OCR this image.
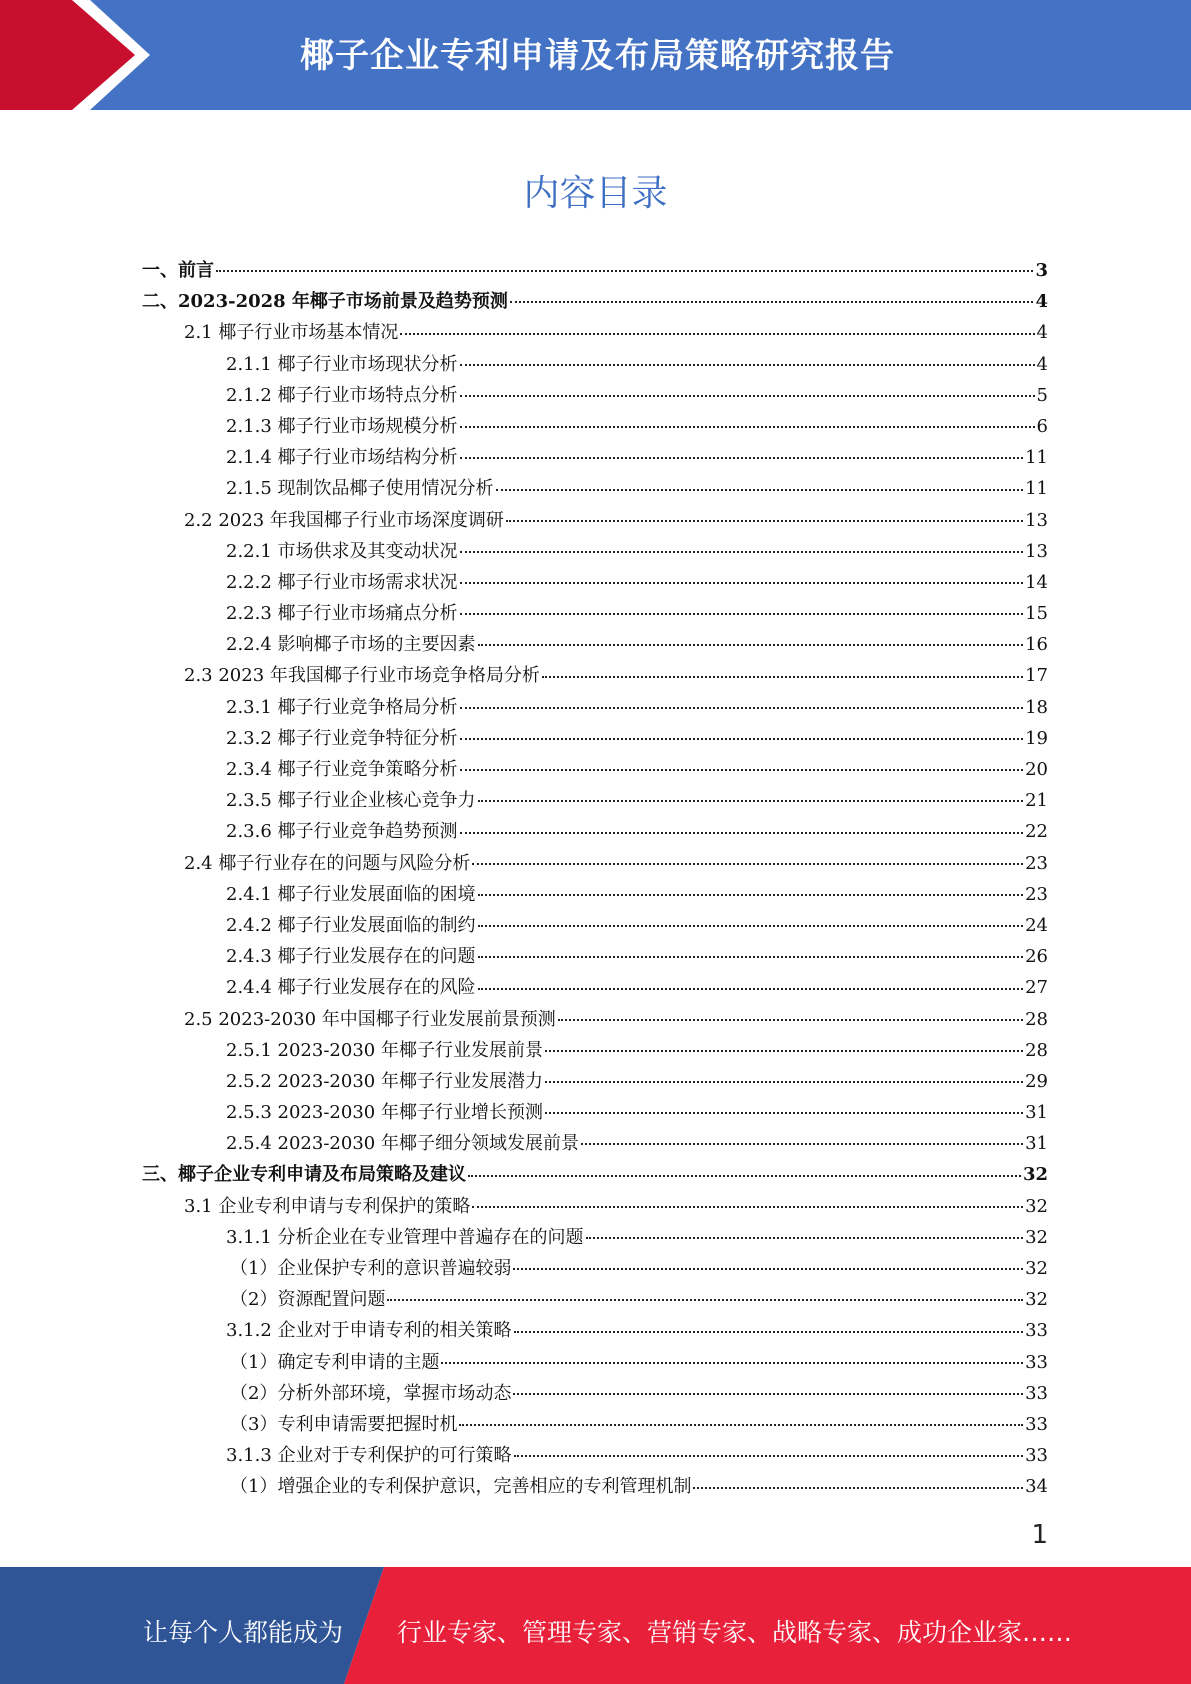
椰子企业专利申请及布局策略研究报告
内容目录
一、前言	3
二、2023-2028 年椰子市场前景及趋势预测	4
2.1 椰子行业市场基本情况	4
2.1.1 椰子行业市场现状分析	4
2.1.2 椰子行业市场特点分析	5
2.1.3 椰子行业市场规模分析	6
2.1.4 椰子行业市场结构分析	11
2.1.5 现制饮品椰子使用情况分析	11
2.2 2023 年我国椰子行业市场深度调研	13
2.2.1 市场供求及其变动状况	13
2.2.2 椰子行业市场需求状况	14
2.2.3 椰子行业市场痛点分析	15
2.2.4 影响椰子市场的主要因素	16
2.3 2023 年我国椰子行业市场竞争格局分析	17
2.3.1 椰子行业竞争格局分析	18
2.3.2 椰子行业竞争特征分析	19
2.3.4 椰子行业竞争策略分析	20
2.3.5 椰子行业企业核心竞争力	21
2.3.6 椰子行业竞争趋势预测	22
2.4 椰子行业存在的问题与风险分析	23
2.4.1 椰子行业发展面临的困境	23
2.4.2 椰子行业发展面临的制约	24
2.4.3 椰子行业发展存在的问题	26
2.4.4 椰子行业发展存在的风险	27
2.5 2023-2030 年中国椰子行业发展前景预测	28
2.5.1 2023-2030 年椰子行业发展前景	28
2.5.2 2023-2030 年椰子行业发展潜力	29
2.5.3 2023-2030 年椰子行业增长预测	31
2.5.4 2023-2030 年椰子细分领域发展前景	31
三、椰子企业专利申请及布局策略及建议	32
3.1 企业专利申请与专利保护的策略	32
3.1.1 分析企业在专业管理中普遍存在的问题	32
（1）企业保护专利的意识普遍较弱	32
（2）资源配置问题	32
3.1.2 企业对于申请专利的相关策略	33
（1）确定专利申请的主题	33
（2）分析外部环境，掌握市场动态	33
（3）专利申请需要把握时机	33
3.1.3 企业对于专利保护的可行策略	33
（1）增强企业的专利保护意识，完善相应的专利管理机制	34
1
让每个人都能成为 行业专家、管理专家、营销专家、战略专家、成功企业家……
